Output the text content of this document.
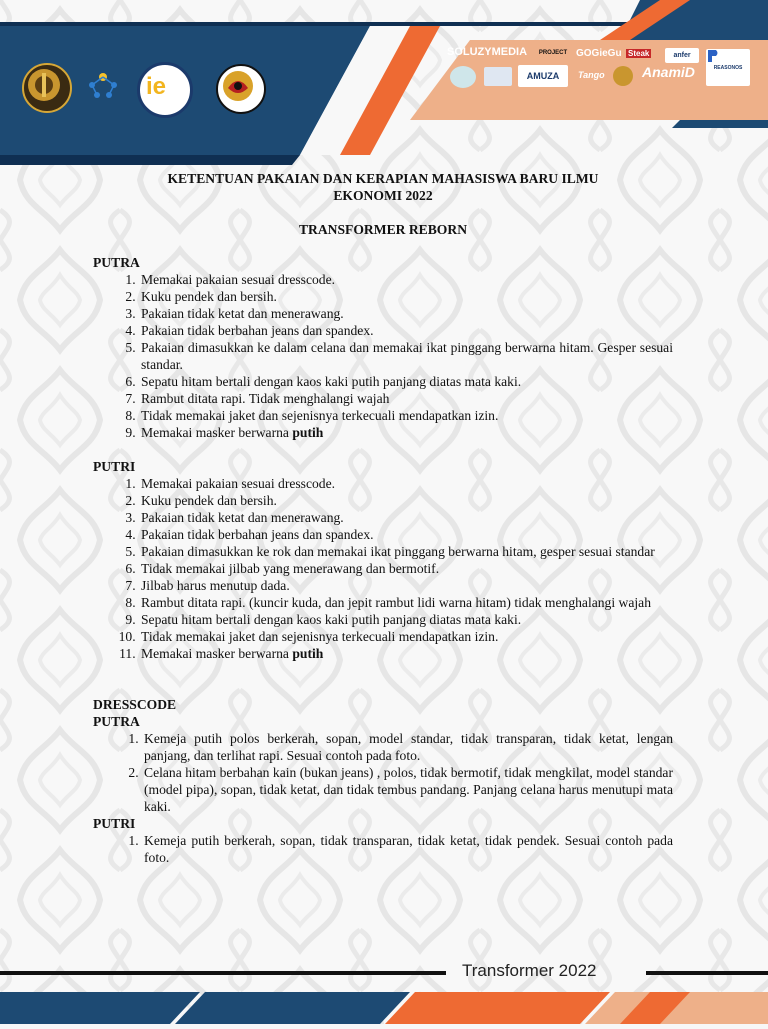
ie
SOLUZYMEDIA PROJECT GOGieGu Steak	anfer
AMUZA	Tango	AnamiD	REASONOS

KETENTUAN PAKAIAN DAN KERAPIAN MAHASISWA BARU ILMU
EKONOMI 2022

TRANSFORMER REBORN

PUTRA

1. Memakai pakaian sesuai dresscode.
2. Kuku pendek dan bersih.
3. Pakaian tidak ketat dan menerawang.
4. Pakaian tidak berbahan jeans dan spandex.
5. Pakaian dimasukkan ke dalam celana dan memakai ikat pinggang berwarna hitam. Gesper sesuai standar.
6. Sepatu hitam bertali dengan kaos kaki putih panjang diatas mata kaki.
7. Rambut ditata rapi. Tidak menghalangi wajah
8. Tidak memakai jaket dan sejenisnya terkecuali mendapatkan izin.
9. Memakai masker berwarna putih

PUTRI

1. Memakai pakaian sesuai dresscode.
2. Kuku pendek dan bersih.
3. Pakaian tidak ketat dan menerawang.
4. Pakaian tidak berbahan jeans dan spandex.
5. Pakaian dimasukkan ke rok dan memakai ikat pinggang berwarna hitam, gesper sesuai standar
6. Tidak memakai jilbab yang menerawang dan bermotif.
7. Jilbab harus menutup dada.
8. Rambut ditata rapi. (kuncir kuda, dan jepit rambut lidi warna hitam) tidak menghalangi wajah
9. Sepatu hitam bertali dengan kaos kaki putih panjang diatas mata kaki.
10. Tidak memakai jaket dan sejenisnya terkecuali mendapatkan izin.
11. Memakai masker berwarna putih

DRESSCODE

PUTRA

1. Kemeja putih polos berkerah, sopan, model standar, tidak transparan, tidak ketat, lengan panjang, dan terlihat rapi. Sesuai contoh pada foto.
2. Celana hitam berbahan kain (bukan jeans) , polos, tidak bermotif, tidak mengkilat, model standar (model pipa), sopan, tidak ketat, dan tidak tembus pandang. Panjang celana harus menutupi mata kaki.

PUTRI

1. Kemeja putih berkerah, sopan, tidak transparan, tidak ketat, tidak pendek. Sesuai contoh pada foto.
Transformer 2022
